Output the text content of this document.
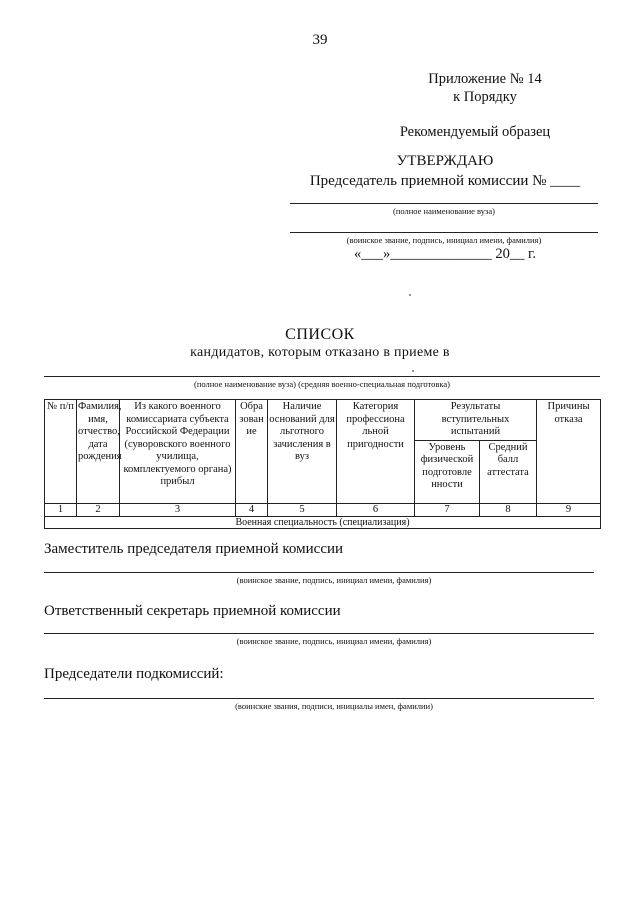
39
Приложение № 14
к Порядку
Рекомендуемый образец
УТВЕРЖДАЮ
Председатель приемной комиссии № ____
(полное наименование вуза)
(воинское звание, подпись, инициал имени, фамилия)
«___»______________ 20__ г.
СПИСОК
кандидатов, которым отказано в приеме в
(полное наименование вуза) (средняя военно-специальная подготовка)
№ п/п	Фамилия, имя, отчество, дата рождения	Из какого военного комиссариата субъекта Российской Федерации (суворовского военного училища, комплектуемого органа) прибыл	Обра зован ие	Наличие оснований для льготного зачисления в вуз	Категория профессиона льной пригодности	Результаты вступительных испытаний		Причины отказа
						Уровень физической подготовле нности	Средний балл аттестата	
1	2	3	4	5	6	7	8	9
Военная специальность (специализация)								
Заместитель председателя приемной комиссии
(воинское звание, подпись, инициал имени, фамилия)
Ответственный секретарь приемной комиссии
(воинское звание, подпись, инициал имени, фамилия)
Председатели подкомиссий:
(воинские звания, подписи, инициалы имен, фамилии)
